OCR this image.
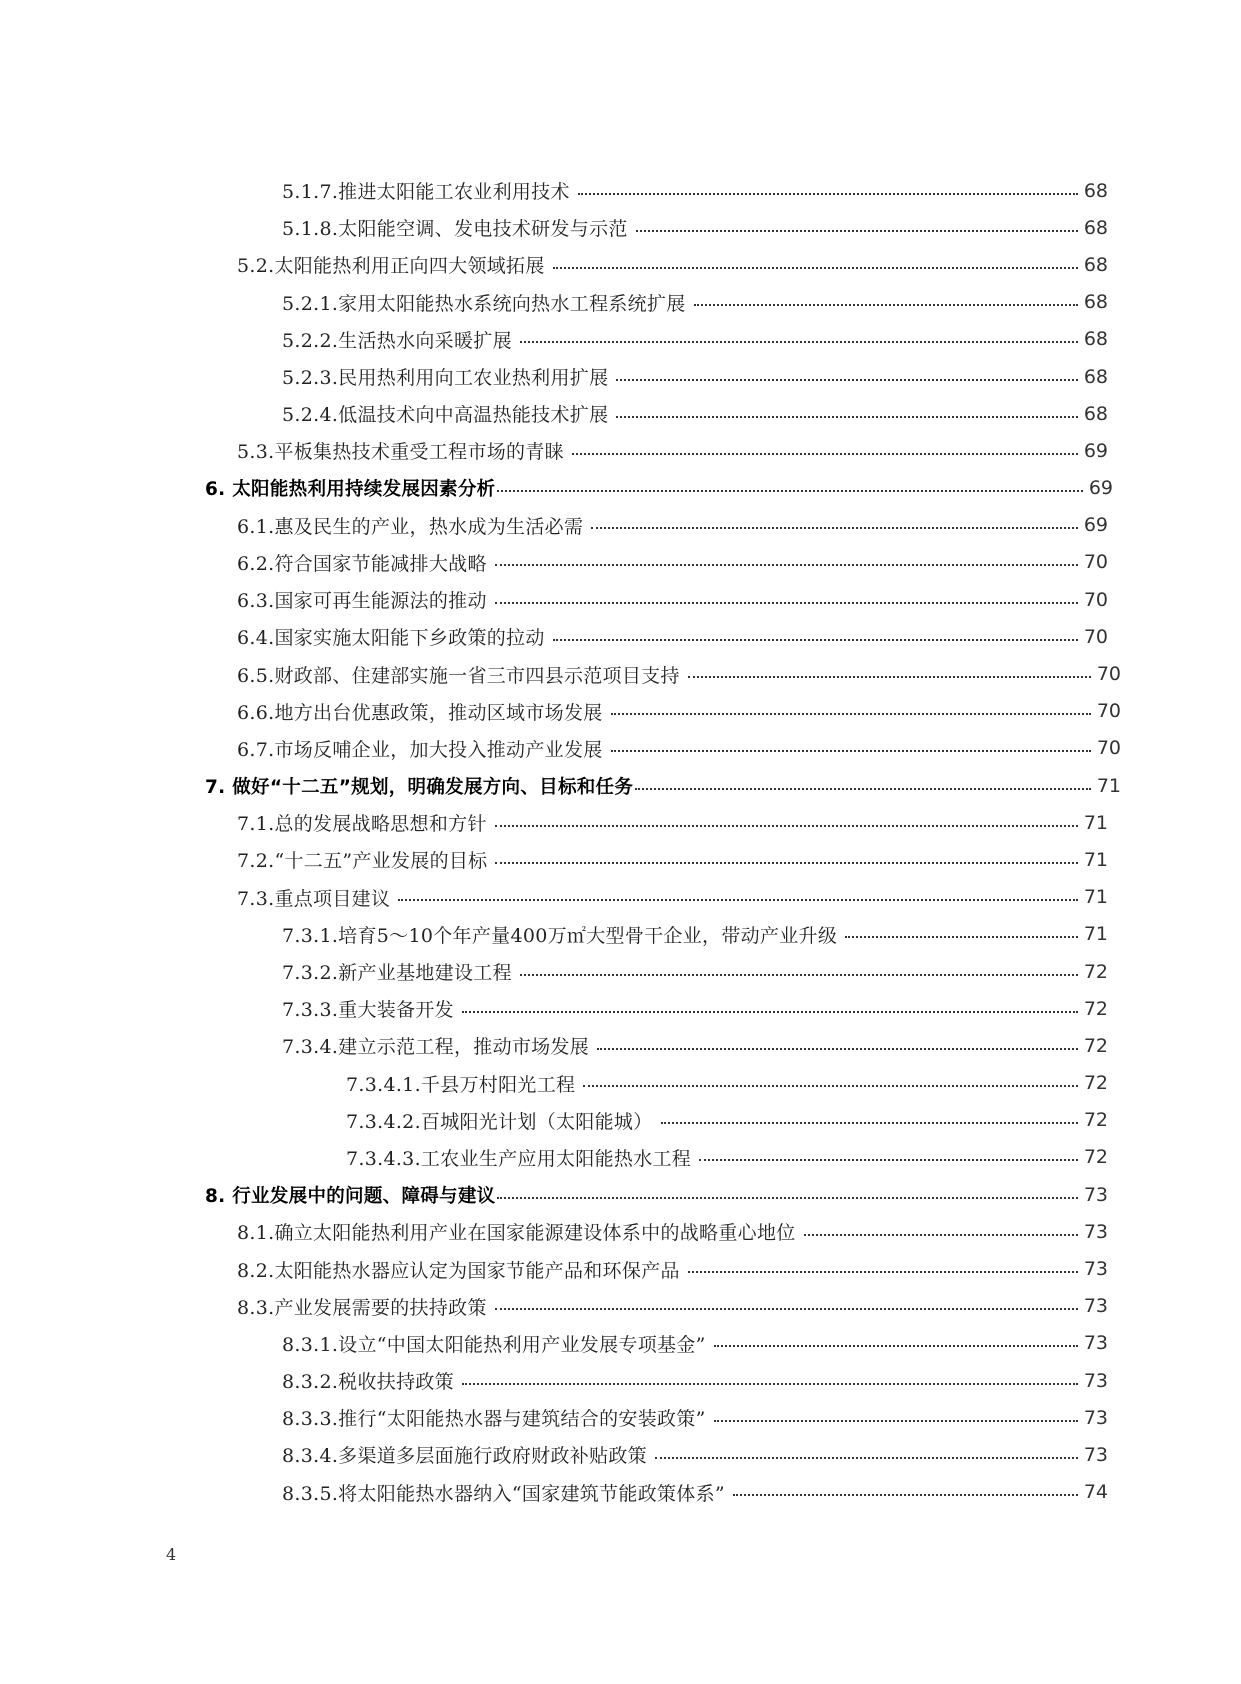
5.1.7.推进太阳能工农业利用技术	68
5.1.8.太阳能空调、发电技术研发与示范	68
5.2.太阳能热利用正向四大领域拓展	68
5.2.1.家用太阳能热水系统向热水工程系统扩展	68
5.2.2.生活热水向采暖扩展	68
5.2.3.民用热利用向工农业热利用扩展	68
5.2.4.低温技术向中高温热能技术扩展	68
5.3.平板集热技术重受工程市场的青睐	69
6. 太阳能热利用持续发展因素分析	69
6.1.惠及民生的产业，热水成为生活必需	69
6.2.符合国家节能减排大战略	70
6.3.国家可再生能源法的推动	70
6.4.国家实施太阳能下乡政策的拉动	70
6.5.财政部、住建部实施一省三市四县示范项目支持	70
6.6.地方出台优惠政策，推动区域市场发展	70
6.7.市场反哺企业，加大投入推动产业发展	70
7. 做好“十二五”规划，明确发展方向、目标和任务	71
7.1.总的发展战略思想和方针	71
7.2.“十二五”产业发展的目标	71
7.3.重点项目建议	71
7.3.1.培育5～10个年产量400万㎡大型骨干企业，带动产业升级	71
7.3.2.新产业基地建设工程	72
7.3.3.重大装备开发	72
7.3.4.建立示范工程，推动市场发展	72
7.3.4.1.千县万村阳光工程	72
7.3.4.2.百城阳光计划（太阳能城）	72
7.3.4.3.工农业生产应用太阳能热水工程	72
8. 行业发展中的问题、障碍与建议	73
8.1.确立太阳能热利用产业在国家能源建设体系中的战略重心地位	73
8.2.太阳能热水器应认定为国家节能产品和环保产品	73
8.3.产业发展需要的扶持政策	73
8.3.1.设立“中国太阳能热利用产业发展专项基金”	73
8.3.2.税收扶持政策	73
8.3.3.推行“太阳能热水器与建筑结合的安装政策”	73
8.3.4.多渠道多层面施行政府财政补贴政策	73
8.3.5.将太阳能热水器纳入“国家建筑节能政策体系”	74
4
